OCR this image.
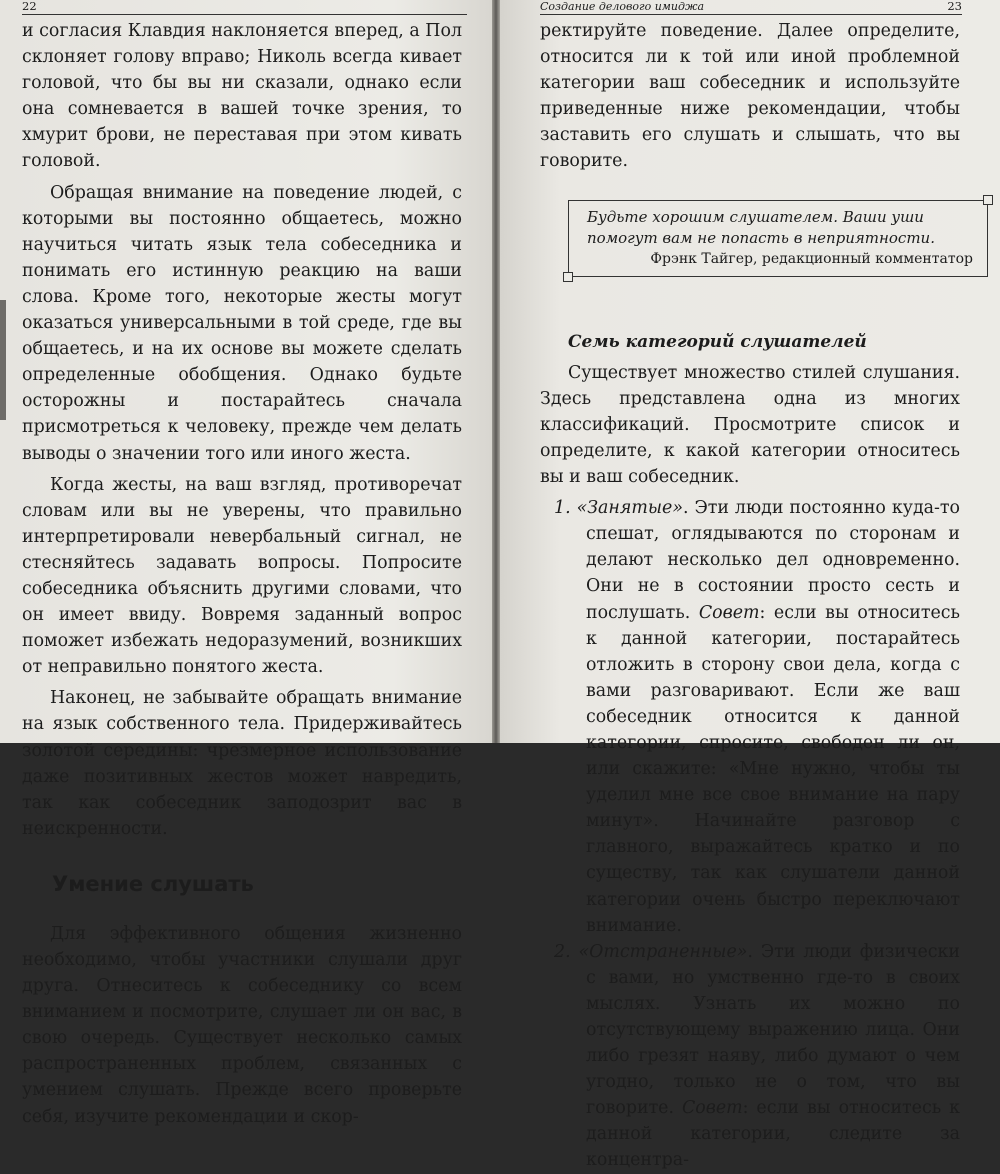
22

и согласия Клавдия наклоняется вперед, а Пол склоняет голову вправо; Николь всегда кивает головой, что бы вы ни сказали, однако если она сомневается в вашей точке зрения, то хмурит брови, не переставая при этом кивать головой.

Обращая внимание на поведение людей, с которыми вы постоянно общаетесь, можно научиться читать язык тела собеседника и понимать его истинную реакцию на ваши слова. Кроме того, некоторые жесты могут оказаться универсальными в той среде, где вы общаетесь, и на их основе вы можете сделать определенные обобщения. Однако будьте осторожны и постарайтесь сначала присмотреться к человеку, прежде чем делать выводы о значении того или иного жеста.

Когда жесты, на ваш взгляд, противоречат словам или вы не уверены, что правильно интерпретировали невербальный сигнал, не стесняйтесь задавать вопросы. Попросите собеседника объяснить другими словами, что он имеет ввиду. Вовремя заданный вопрос поможет избежать недоразумений, возникших от неправильно понятого жеста.

Наконец, не забывайте обращать внимание на язык собственного тела. Придерживайтесь золотой середины: чрезмерное использование даже позитивных жестов может навредить, так как собеседник заподозрит вас в неискренности.

Умение слушать

Для эффективного общения жизненно необходимо, чтобы участники слушали друг друга. Отнеситесь к собеседнику со всем вниманием и посмотрите, слушает ли он вас, в свою очередь. Существует несколько самых распространенных проблем, связанных с умением слушать. Прежде всего проверьте себя, изучите рекомендации и скор-

Создание делового имиджа	23

ректируйте поведение. Далее определите, относится ли к той или иной проблемной категории ваш собеседник и используйте приведенные ниже рекомендации, чтобы заставить его слушать и слышать, что вы говорите.

Будьте хорошим слушателем. Ваши уши помогут вам не попасть в неприятности.

Фрэнк Тайгер, редакционный комментатор

Семь категорий слушателей

Существует множество стилей слушания. Здесь представлена одна из многих классификаций. Просмотрите список и определите, к какой категории относитесь вы и ваш собеседник.

1. «Занятые». Эти люди постоянно куда-то спешат, оглядываются по сторонам и делают несколько дел одновременно. Они не в состоянии просто сесть и послушать. Совет: если вы относитесь к данной категории, постарайтесь отложить в сторону свои дела, когда с вами разговаривают. Если же ваш собеседник относится к данной категории, спросите, свободен ли он, или скажите: «Мне нужно, чтобы ты уделил мне все свое внимание на пару минут». Начинайте разговор с главного, выражайтесь кратко и по существу, так как слушатели данной категории очень быстро переключают внимание.

2. «Отстраненные». Эти люди физически с вами, но умственно где-то в своих мыслях. Узнать их можно по отсутствующему выражению лица. Они либо грезят наяву, либо думают о чем угодно, только не о том, что вы говорите. Совет: если вы относитесь к данной категории, следите за концентра-
